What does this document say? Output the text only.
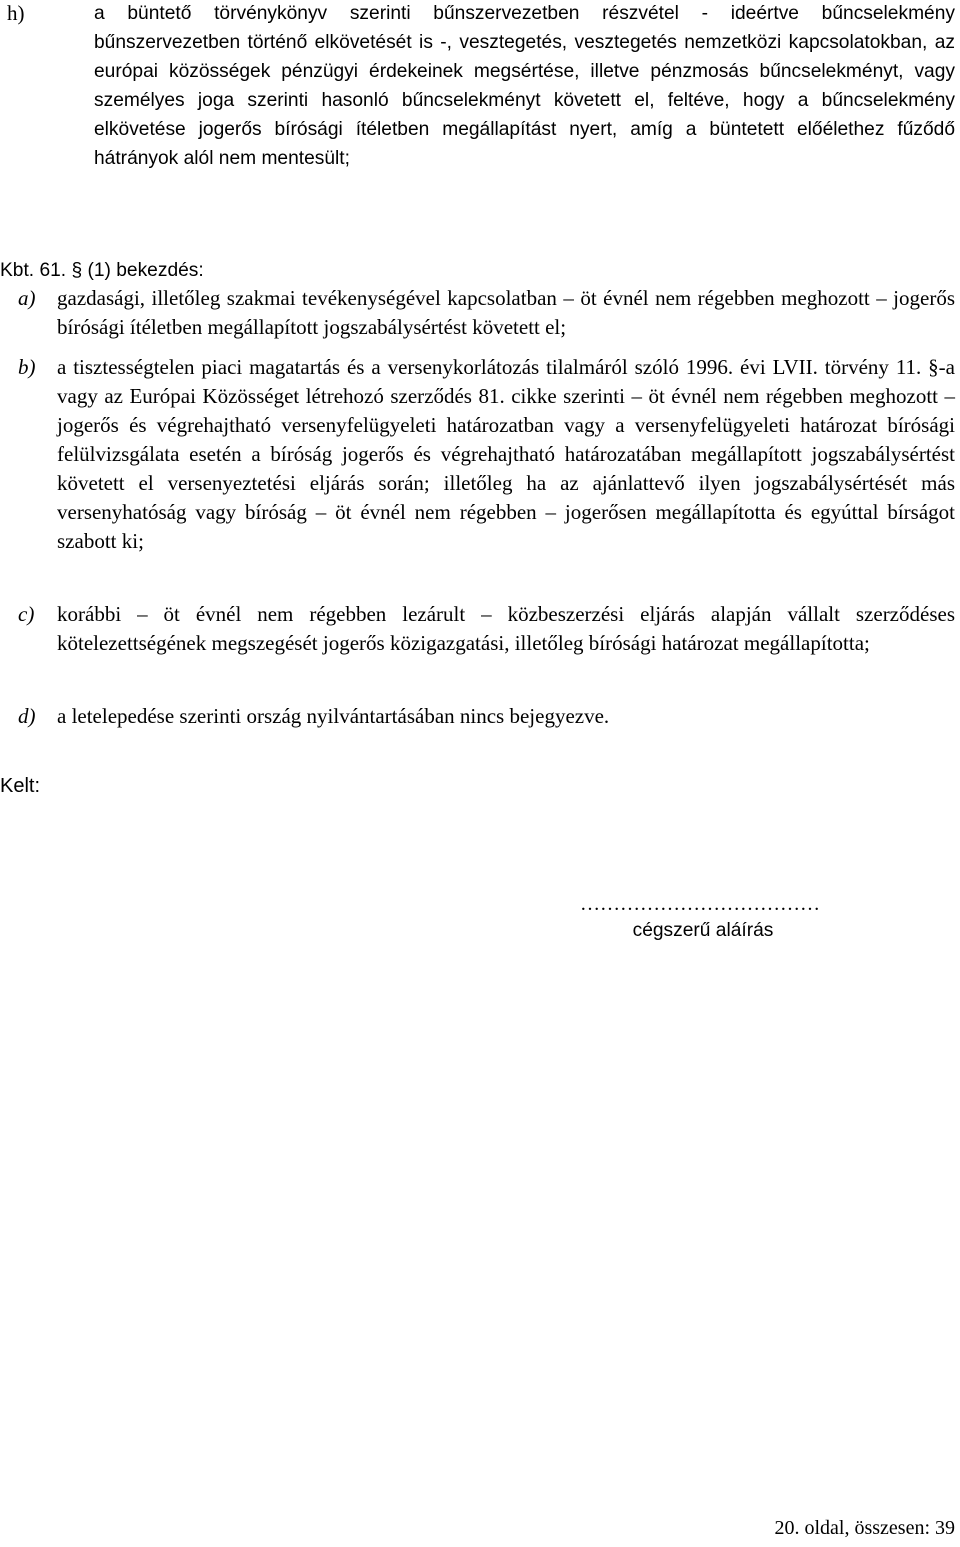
h)	a büntető törvénykönyv szerinti bűnszervezetben részvétel - ideértve bűncselekmény bűnszervezetben történő elkövetését is -, vesztegetés, vesztegetés nemzetközi kapcsolatokban, az európai közösségek pénzügyi érdekeinek megsértése, illetve pénzmosás bűncselekményt, vagy személyes joga szerinti hasonló bűncselekményt követett el, feltéve, hogy a bűncselekmény elkövetése jogerős bírósági ítéletben megállapítást nyert, amíg a büntetett előélethez fűződő hátrányok alól nem mentesült;
Kbt. 61. § (1) bekezdés:
a) gazdasági, illetőleg szakmai tevékenységével kapcsolatban – öt évnél nem régebben meghozott – jogerős bírósági ítéletben megállapított jogszabálysértést követett el;
b) a tisztességtelen piaci magatartás és a versenykorlátozás tilalmáról szóló 1996. évi LVII. törvény 11. §-a vagy az Európai Közösséget létrehozó szerződés 81. cikke szerinti – öt évnél nem régebben meghozott – jogerős és végrehajtható versenyfelügyeleti határozatban vagy a versenyfelügyeleti határozat bírósági felülvizsgálata esetén a bíróság jogerős és végrehajtható határozatában megállapított jogszabálysértést követett el versenyeztetési eljárás során; illetőleg ha az ajánlattevő ilyen jogszabálysértését más versenyhatóság vagy bíróság – öt évnél nem régebben – jogerősen megállapította és egyúttal bírságot szabott ki;
c) korábbi – öt évnél nem régebben lezárult – közbeszerzési eljárás alapján vállalt szerződéses kötelezettségének megszegését jogerős közigazgatási, illetőleg bírósági határozat megállapította;
d) a letelepedése szerinti ország nyilvántartásában nincs bejegyezve.
Kelt:
………………………………
cégszerű aláírás
20. oldal, összesen: 39
